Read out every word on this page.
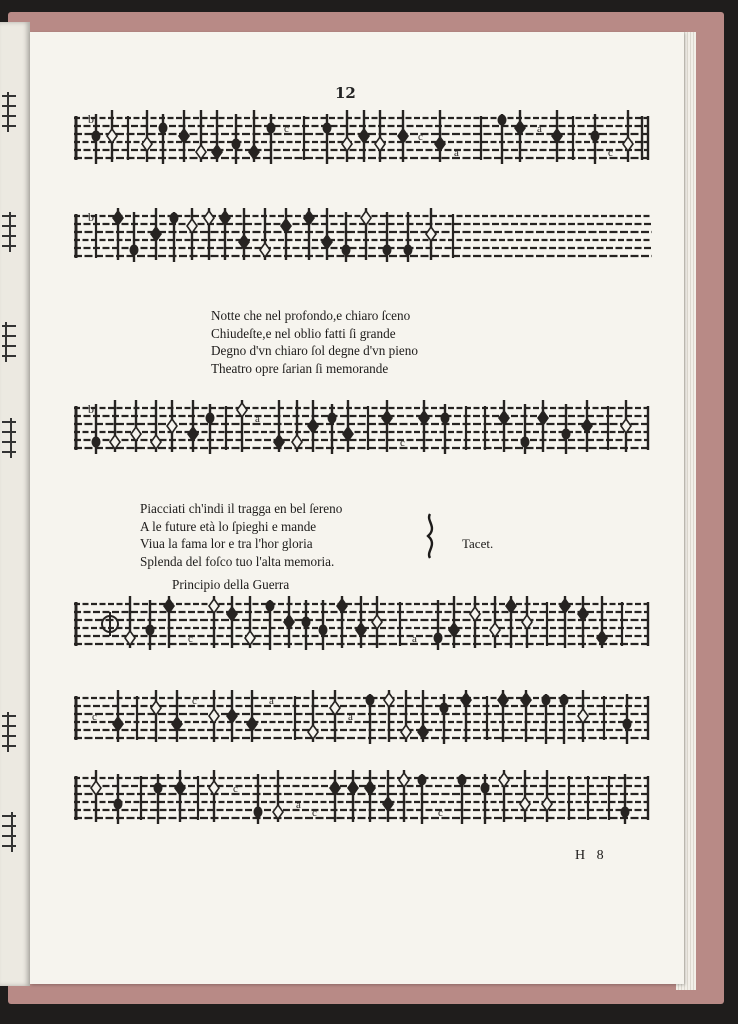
12
c
c
a
a
c
b
b
a
c
b
c	a
c
c	a
a
c
a
c	c
Notte che nel profondo,e chiaro ſceno
Chiudeſte,e nel oblio fatti ſi grande
Degno d'vn chiaro ſol degne d'vn pieno
Theatro opre ſarian ſi memorande
Piacciati ch'indi il tragga en bel ſereno
A le future età lo ſpieghi e mande
Viua la fama lor e tra l'hor gloria
Splenda del foſco tuo l'alta memoria.
Tacet.
Principio della Guerra
H 8
